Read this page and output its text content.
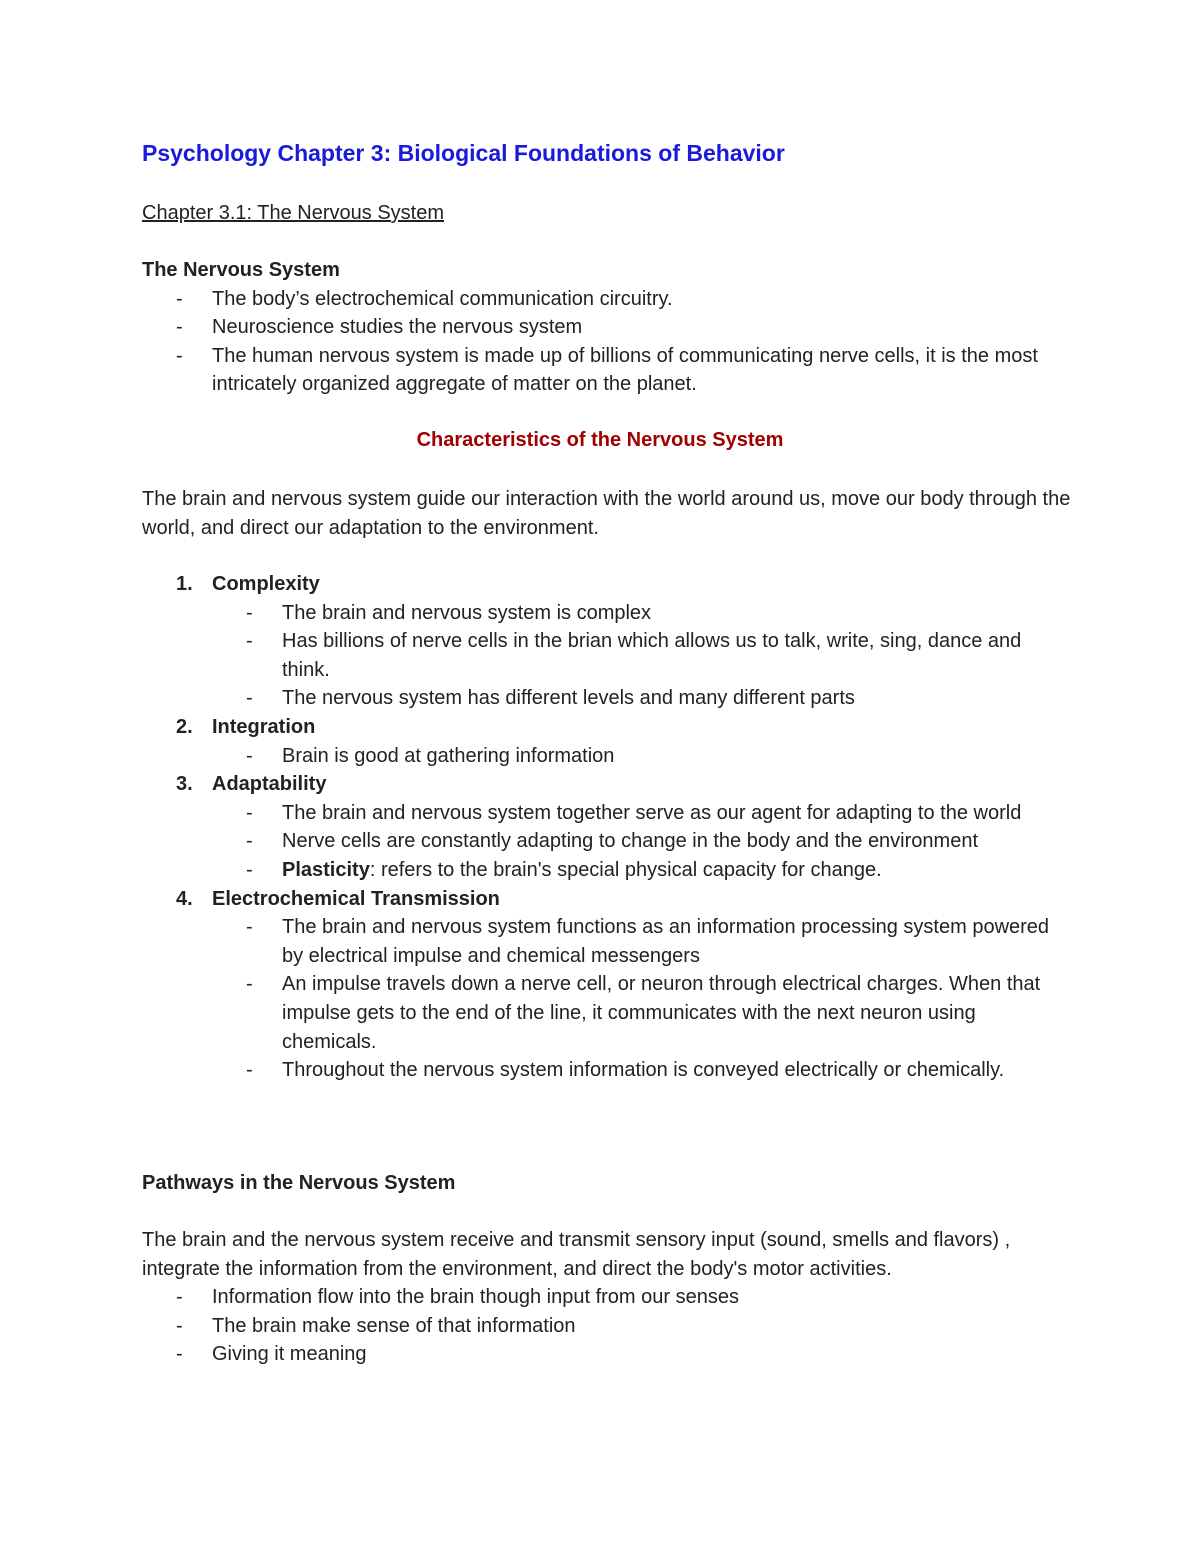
Psychology Chapter 3: Biological Foundations of Behavior
Chapter 3.1: The Nervous System
The Nervous System
- The body’s electrochemical communication circuitry.
- Neuroscience studies the nervous system
- The human nervous system is made up of billions of communicating nerve cells, it is the most intricately organized aggregate of matter on the planet.
Characteristics of the Nervous System
The brain and nervous system guide our interaction with the world around us, move our body through the world, and direct our adaptation to the environment.
1. Complexity
- The brain and nervous system is complex
- Has billions of nerve cells in the brian which allows us to talk, write, sing, dance and think.
- The nervous system has different levels and many different parts
2. Integration
- Brain is good at gathering information
3. Adaptability
- The brain and nervous system together serve as our agent for adapting to the world
- Nerve cells are constantly adapting to change in the body and the environment
- Plasticity: refers to the brain's special physical capacity for change.
4. Electrochemical Transmission
- The brain and nervous system functions as an information processing system powered by electrical impulse and chemical messengers
- An impulse travels down a nerve cell, or neuron through electrical charges. When that impulse gets to the end of the line, it communicates with the next neuron using chemicals.
- Throughout the nervous system information is conveyed electrically or chemically.
Pathways in the Nervous System
The brain and the nervous system receive and transmit sensory input (sound, smells and flavors) , integrate the information from the environment, and direct the body's motor activities.
- Information flow into the brain though input from our senses
- The brain make sense of that information
- Giving it meaning
